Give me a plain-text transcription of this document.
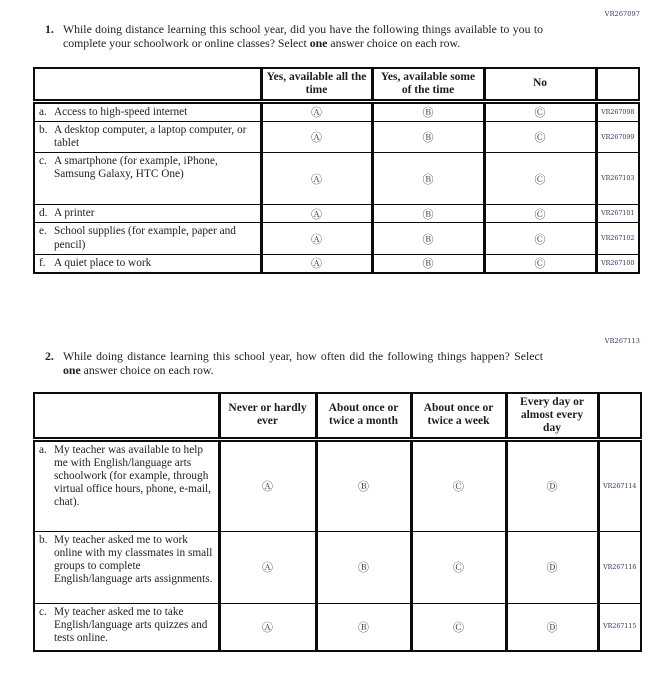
VR267097
1. While doing distance learning this school year, did you have the following things available to you to complete your schoolwork or online classes? Select one answer choice on each row.

	Yes, available all the time	Yes, available some of the time	No	

a. Access to high-speed internet	Ⓐ	Ⓑ	Ⓒ	VR267098

b. A desktop computer, a laptop computer, or tablet	Ⓐ	Ⓑ	Ⓒ	VR267099

c. A smartphone (for example, iPhone, Samsung Galaxy, HTC One)	Ⓐ	Ⓑ	Ⓒ	VR267103

d. A printer	Ⓐ	Ⓑ	Ⓒ	VR267101

e. School supplies (for example, paper and pencil)	Ⓐ	Ⓑ	Ⓒ	VR267102

f. A quiet place to work	Ⓐ	Ⓑ	Ⓒ	VR267100
VR267113
2. While doing distance learning this school year, how often did the following things happen? Select one answer choice on each row.

	Never or hardly ever	About once or twice a month	About once or twice a week	Every day or almost every day	

a. My teacher was available to help me with English/language arts schoolwork (for example, through virtual office hours, phone, e-mail, chat).	Ⓐ	Ⓑ	Ⓒ	Ⓓ	VR267114

b. My teacher asked me to work online with my classmates in small groups to complete English/language arts assignments.	Ⓐ	Ⓑ	Ⓒ	Ⓓ	VR267116

c. My teacher asked me to take English/language arts quizzes and tests online.	Ⓐ	Ⓑ	Ⓒ	Ⓓ	VR267115
